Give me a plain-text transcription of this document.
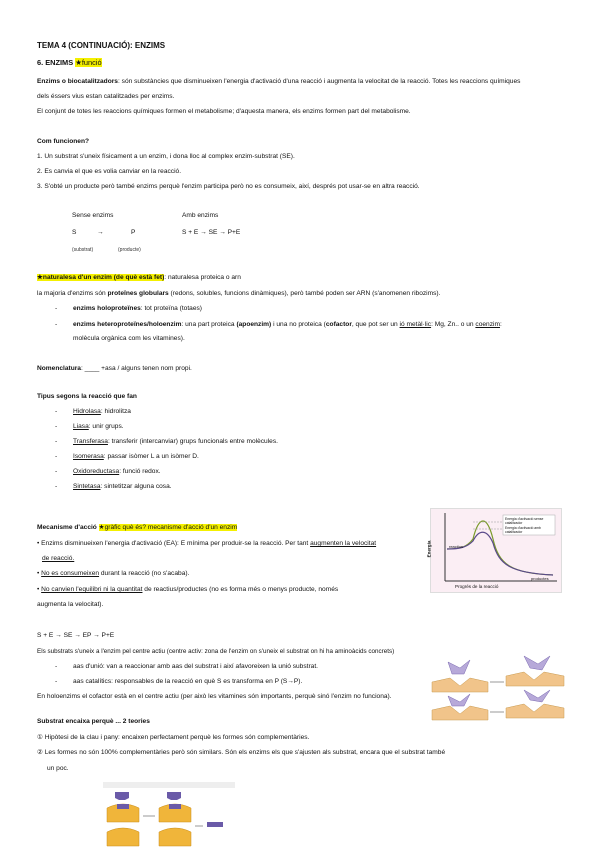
TEMA 4 (CONTINUACIÓ): ENZIMS
6. ENZIMS ★funció
Enzims o biocatalitzadors: són substàncies que disminueixen l'energia d'activació d'una reacció i augmenta la velocitat de la reacció. Totes les reaccions químiques
dels éssers vius estan catalitzades per enzims.
El conjunt de totes les reaccions químiques formen el metabolisme; d'aquesta manera, els enzims formen part del metabolisme.
Com funcionen?
1. Un substrat s'uneix físicament a un enzim, i dona lloc al complex enzim-substrat (SE).
2. Es canvia el que es volia canviar en la reacció.
3. S'obté un producte però també enzims perquè l'enzim participa però no es consumeix, així, després pot usar-se en altra reacció.
Sense enzims	Amb enzims
S	→	P	S + E → SE → P+E
(substrat)	(producte)
★naturalesa d'un enzim (de què està fet): naturalesa proteica o arn
la majoria d'enzims són proteïnes globulars (redons, solubles, funcions dinàmiques), però també poden ser ARN (s'anomenen ribozims).
- enzims holoproteïnes: tot proteïna (totaes)
- enzims heteroproteïnes/holoenzim: una part proteica (apoenzim) i una no proteica (cofactor, que pot ser un ió metàl·lic: Mg, Zn.. o un coenzim:
molècula orgànica com les vitamines).
Nomenclatura: ____ +asa / alguns tenen nom propi.
Tipus segons la reacció que fan
- Hidrolasa: hidrolitza
- Liasa: unir grups.
- Transferasa: transferir (intercanviar) grups funcionals entre molècules.
- Isomerasa: passar isòmer L a un isòmer D.
- Oxidoreductasa: funció redox.
- Sintetasa: sintetitzar alguna cosa.
Mecanisme d'acció ★gràfic què és? mecanisme d'acció d'un enzim
• Enzims disminueixen l'energia d'activació (EA): E mínima per produir-se la reacció. Per tant augmenten la velocitat
de reacció.
• No es consumeixen durant la reacció (no s'acaba).
• No canvien l'equilibri ni la quantitat de reactius/productes (no es forma més o menys producte, només
augmenta la velocitat).
Energia d'activació sense catalitzador
Energia d'activació amb catalitzador
reactius
productes
Progrés de la reacció
Energia
S + E → SE → EP → P+E
Els substrats s'uneix a l'enzim pel centre actiu (centre activ: zona de l'enzim on s'uneix el substrat on hi ha aminoàcids concrets)
- aas d'unió: van a reaccionar amb aas del substrat i així afavoreixen la unió substrat.
- aas catalítics: responsables de la reacció en què S es transforma en P (S→P).
En holoenzims el cofactor està en el centre actiu (per això les vitamines són importants, perquè sinó l'enzim no funciona).
Substrat encaixa perquè ... 2 teories
① Hipòtesi de la clau i pany: encaixen perfectament perquè les formes són complementàries.
② Les formes no són 100% complementàries però són similars. Són els enzims els que s'ajusten als substrat, encara que el substrat també
un poc.
